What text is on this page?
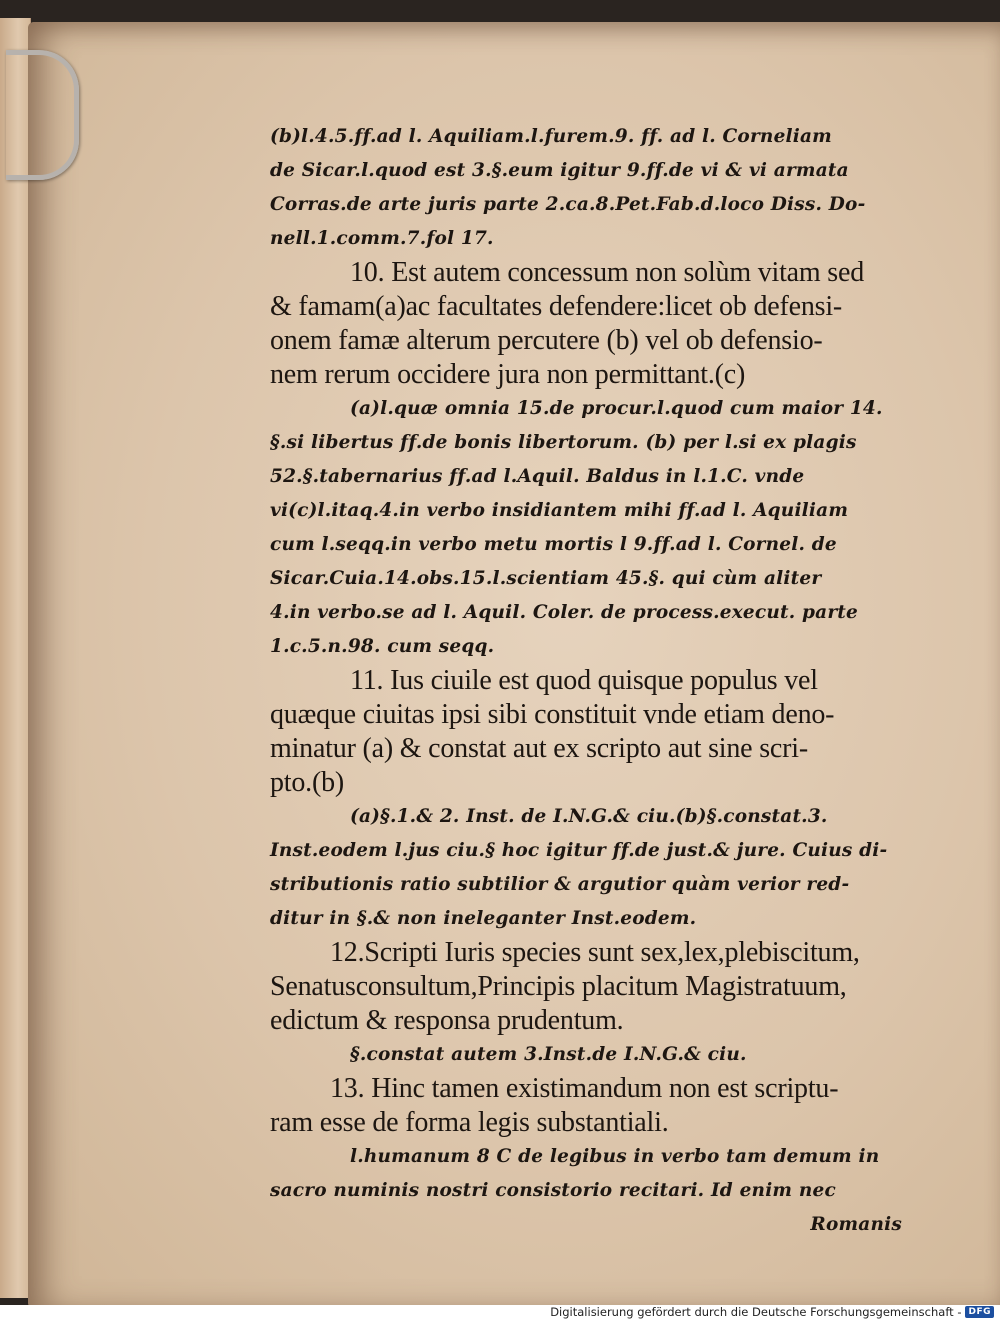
(b)l.4.5.ff.ad l. Aquiliam.l.furem.9. ff. ad l. Corneliam
de Sicar.l.quod est 3.§.eum igitur 9.ff.de vi & vi armata
Corras.de arte juris parte 2.ca.8.Pet.Fab.d.loco Diss. Do-
nell.1.comm.7.fol 17.
10. Est autem concessum non solùm vitam sed
& famam(a)ac facultates defendere:licet ob defensi-
onem famæ alterum percutere (b) vel ob defensio-
nem rerum occidere jura non permittant.(c)
(a)l.quæ omnia 15.de procur.l.quod cum maior 14.
§.si libertus ff.de bonis libertorum. (b) per l.si ex plagis
52.§.tabernarius ff.ad l.Aquil. Baldus in l.1.C. vnde
vi(c)l.itaq.4.in verbo insidiantem mihi ff.ad l. Aquiliam
cum l.seqq.in verbo metu mortis l 9.ff.ad l. Cornel. de
Sicar.Cuia.14.obs.15.l.scientiam 45.§. qui cùm aliter
4.in verbo.se ad l. Aquil. Coler. de process.execut. parte
1.c.5.n.98. cum seqq.
11. Ius ciuile est quod quisque populus vel
quæque ciuitas ipsi sibi constituit vnde etiam deno-
minatur (a) & constat aut ex scripto aut sine scri-
pto.(b)
(a)§.1.& 2. Inst. de I.N.G.& ciu.(b)§.constat.3.
Inst.eodem l.jus ciu.§ hoc igitur ff.de just.& jure. Cuius di-
stributionis ratio subtilior & argutior quàm verior red-
ditur in §.& non ineleganter Inst.eodem.
12.Scripti Iuris species sunt sex,lex,plebiscitum,
Senatusconsultum,Principis placitum Magistratuum,
edictum & responsa prudentum.
§.constat autem 3.Inst.de I.N.G.& ciu.
13. Hinc tamen existimandum non est scriptu-
ram esse de forma legis substantiali.
l.humanum 8 C de legibus in verbo tam demum in
sacro numinis nostri consistorio recitari. Id enim nec
Romanis
Digitalisierung gefördert durch die Deutsche Forschungsgemeinschaft - DFG
